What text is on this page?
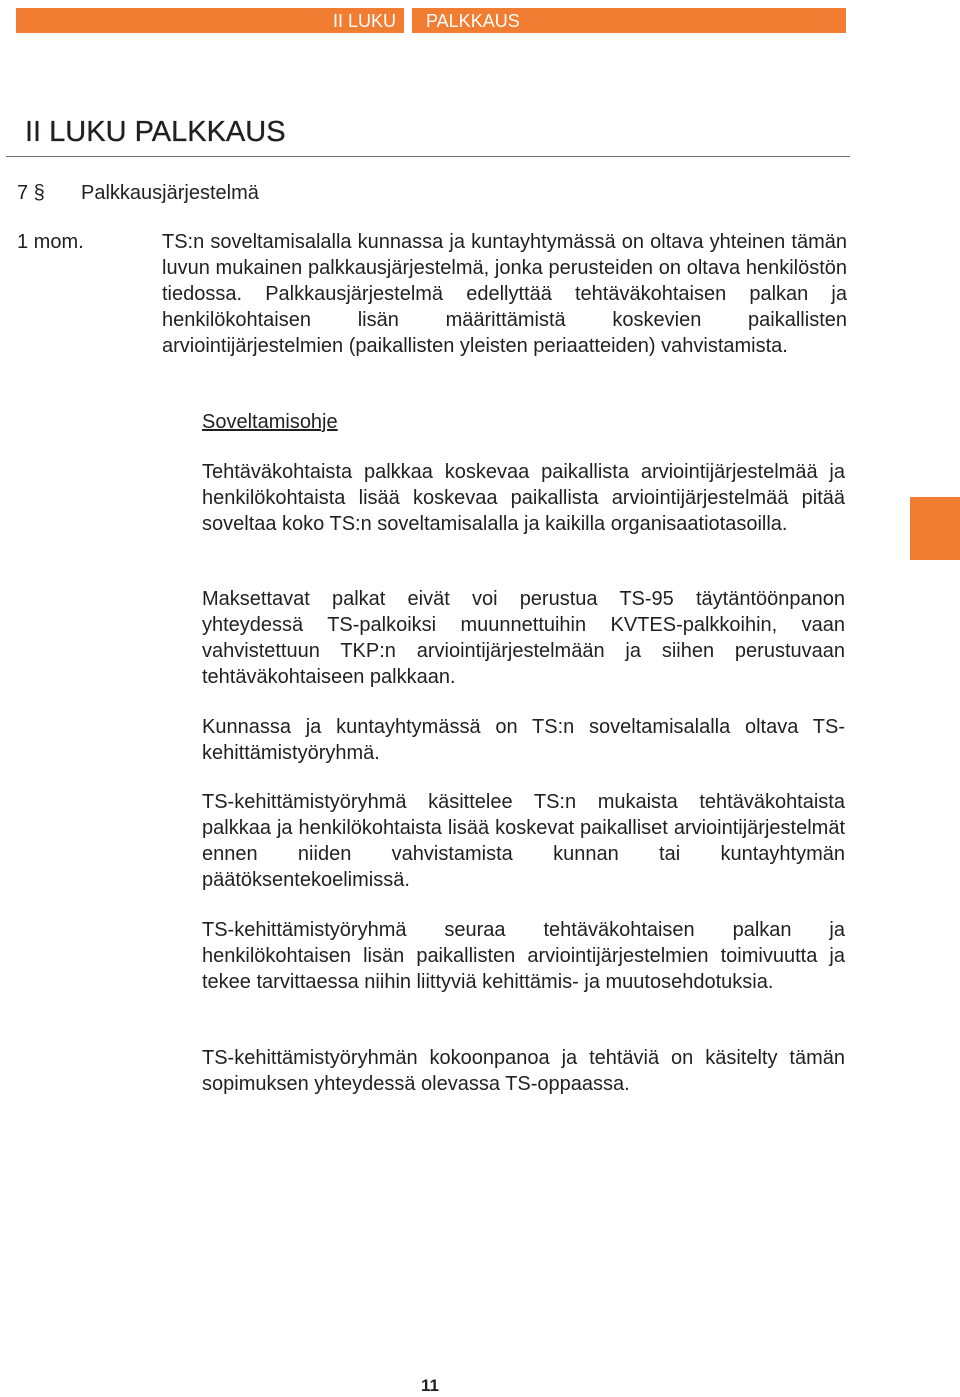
II LUKU PALKKAUS
II LUKU PALKKAUS
7 § Palkkausjärjestelmä
1 mom.	TS:n soveltamisalalla kunnassa ja kuntayhtymässä on oltava yhteinen tämän luvun mukainen palkkausjärjestelmä, jonka perusteiden on oltava henkilöstön tiedossa. Palkkausjärjestelmä edellyttää tehtäväkohtaisen palkan ja henkilökohtaisen lisän määrittämistä koskevien paikallisten arviointijärjestelmien (paikallisten yleisten periaatteiden) vahvistamista.

Soveltamisohje

Tehtäväkohtaista palkkaa koskevaa paikallista arviointijärjestelmää ja henkilökohtaista lisää koskevaa paikallista arviointijärjestelmää pitää soveltaa koko TS:n soveltamisalalla ja kaikilla organisaatiotasoilla.

Maksettavat palkat eivät voi perustua TS-95 täytäntöönpanon yhteydessä TS-palkoiksi muunnettuihin KVTES-palkkoihin, vaan vahvistettuun TKP:n arviointijärjestelmään ja siihen perustuvaan tehtäväkohtaiseen palkkaan.

Kunnassa ja kuntayhtymässä on TS:n soveltamisalalla oltava TS-kehittämistyöryhmä.

TS-kehittämistyöryhmä käsittelee TS:n mukaista tehtäväkohtaista palkkaa ja henkilökohtaista lisää koskevat paikalliset arviointijärjestelmät ennen niiden vahvistamista kunnan tai kuntayhtymän päätöksentekoelimissä.

TS-kehittämistyöryhmä seuraa tehtäväkohtaisen palkan ja henkilökohtaisen lisän paikallisten arviointijärjestelmien toimivuutta ja tekee tarvittaessa niihin liittyviä kehittämis- ja muutosehdotuksia.

TS-kehittämistyöryhmän kokoonpanoa ja tehtäviä on käsitelty tämän sopimuksen yhteydessä olevassa TS-oppaassa.

11
